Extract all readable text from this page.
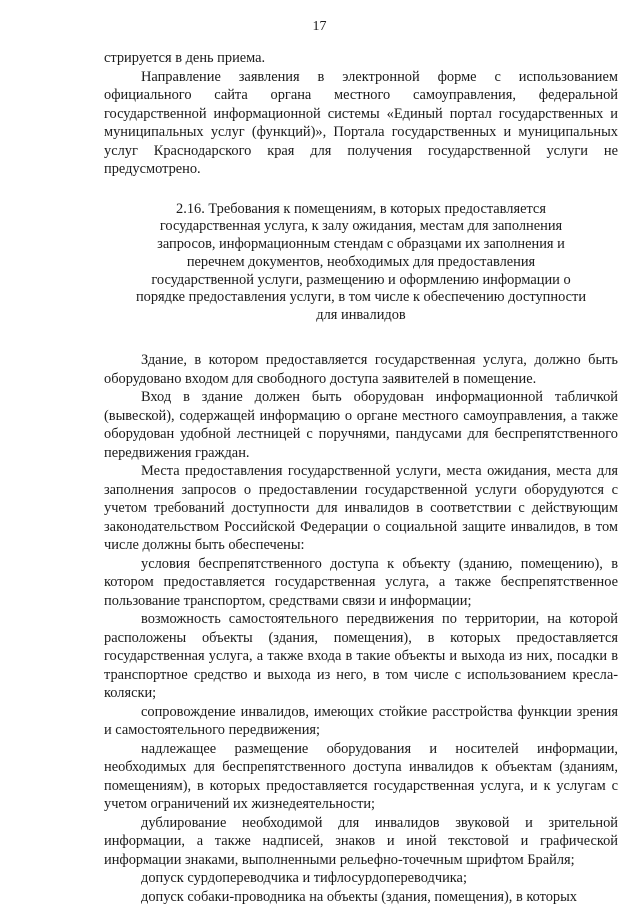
17

стрируется в день приема.

Направление заявления в электронной форме с использованием официального сайта органа местного самоуправления, федеральной государственной информационной системы «Единый портал государственных и муниципальных услуг (функций)», Портала государственных и муниципальных услуг Краснодарского края для получения государственной услуги не предусмотрено.

2.16. Требования к помещениям, в которых предоставляется государственная услуга, к залу ожидания, местам для заполнения запросов, информационным стендам с образцами их заполнения и перечнем документов, необходимых для предоставления государственной услуги, размещению и оформлению информации о порядке предоставления услуги, в том числе к обеспечению доступности для инвалидов

Здание, в котором предоставляется государственная услуга, должно быть оборудовано входом для свободного доступа заявителей в помещение.

Вход в здание должен быть оборудован информационной табличкой (вывеской), содержащей информацию о органе местного самоуправления, а также оборудован удобной лестницей с поручнями, пандусами для беспрепятственного передвижения граждан.

Места предоставления государственной услуги, места ожидания, места для заполнения запросов о предоставлении государственной услуги оборудуются с учетом требований доступности для инвалидов в соответствии с действующим законодательством Российской Федерации о социальной защите инвалидов, в том числе должны быть обеспечены:

условия беспрепятственного доступа к объекту (зданию, помещению), в котором предоставляется государственная услуга, а также беспрепятственное пользование транспортом, средствами связи и информации;

возможность самостоятельного передвижения по территории, на которой расположены объекты (здания, помещения), в которых предоставляется государственная услуга, а также входа в такие объекты и выхода из них, посадки в транспортное средство и выхода из него, в том числе с использованием кресла-коляски;

сопровождение инвалидов, имеющих стойкие расстройства функции зрения и самостоятельного передвижения;

надлежащее размещение оборудования и носителей информации, необходимых для беспрепятственного доступа инвалидов к объектам (зданиям, помещениям), в которых предоставляется государственная услуга, и к услугам с учетом ограничений их жизнедеятельности;

дублирование необходимой для инвалидов звуковой и зрительной информации, а также надписей, знаков и иной текстовой и графической информации знаками, выполненными рельефно-точечным шрифтом Брайля;

допуск сурдопереводчика и тифлосурдопереводчика;

допуск собаки-проводника на объекты (здания, помещения), в которых
